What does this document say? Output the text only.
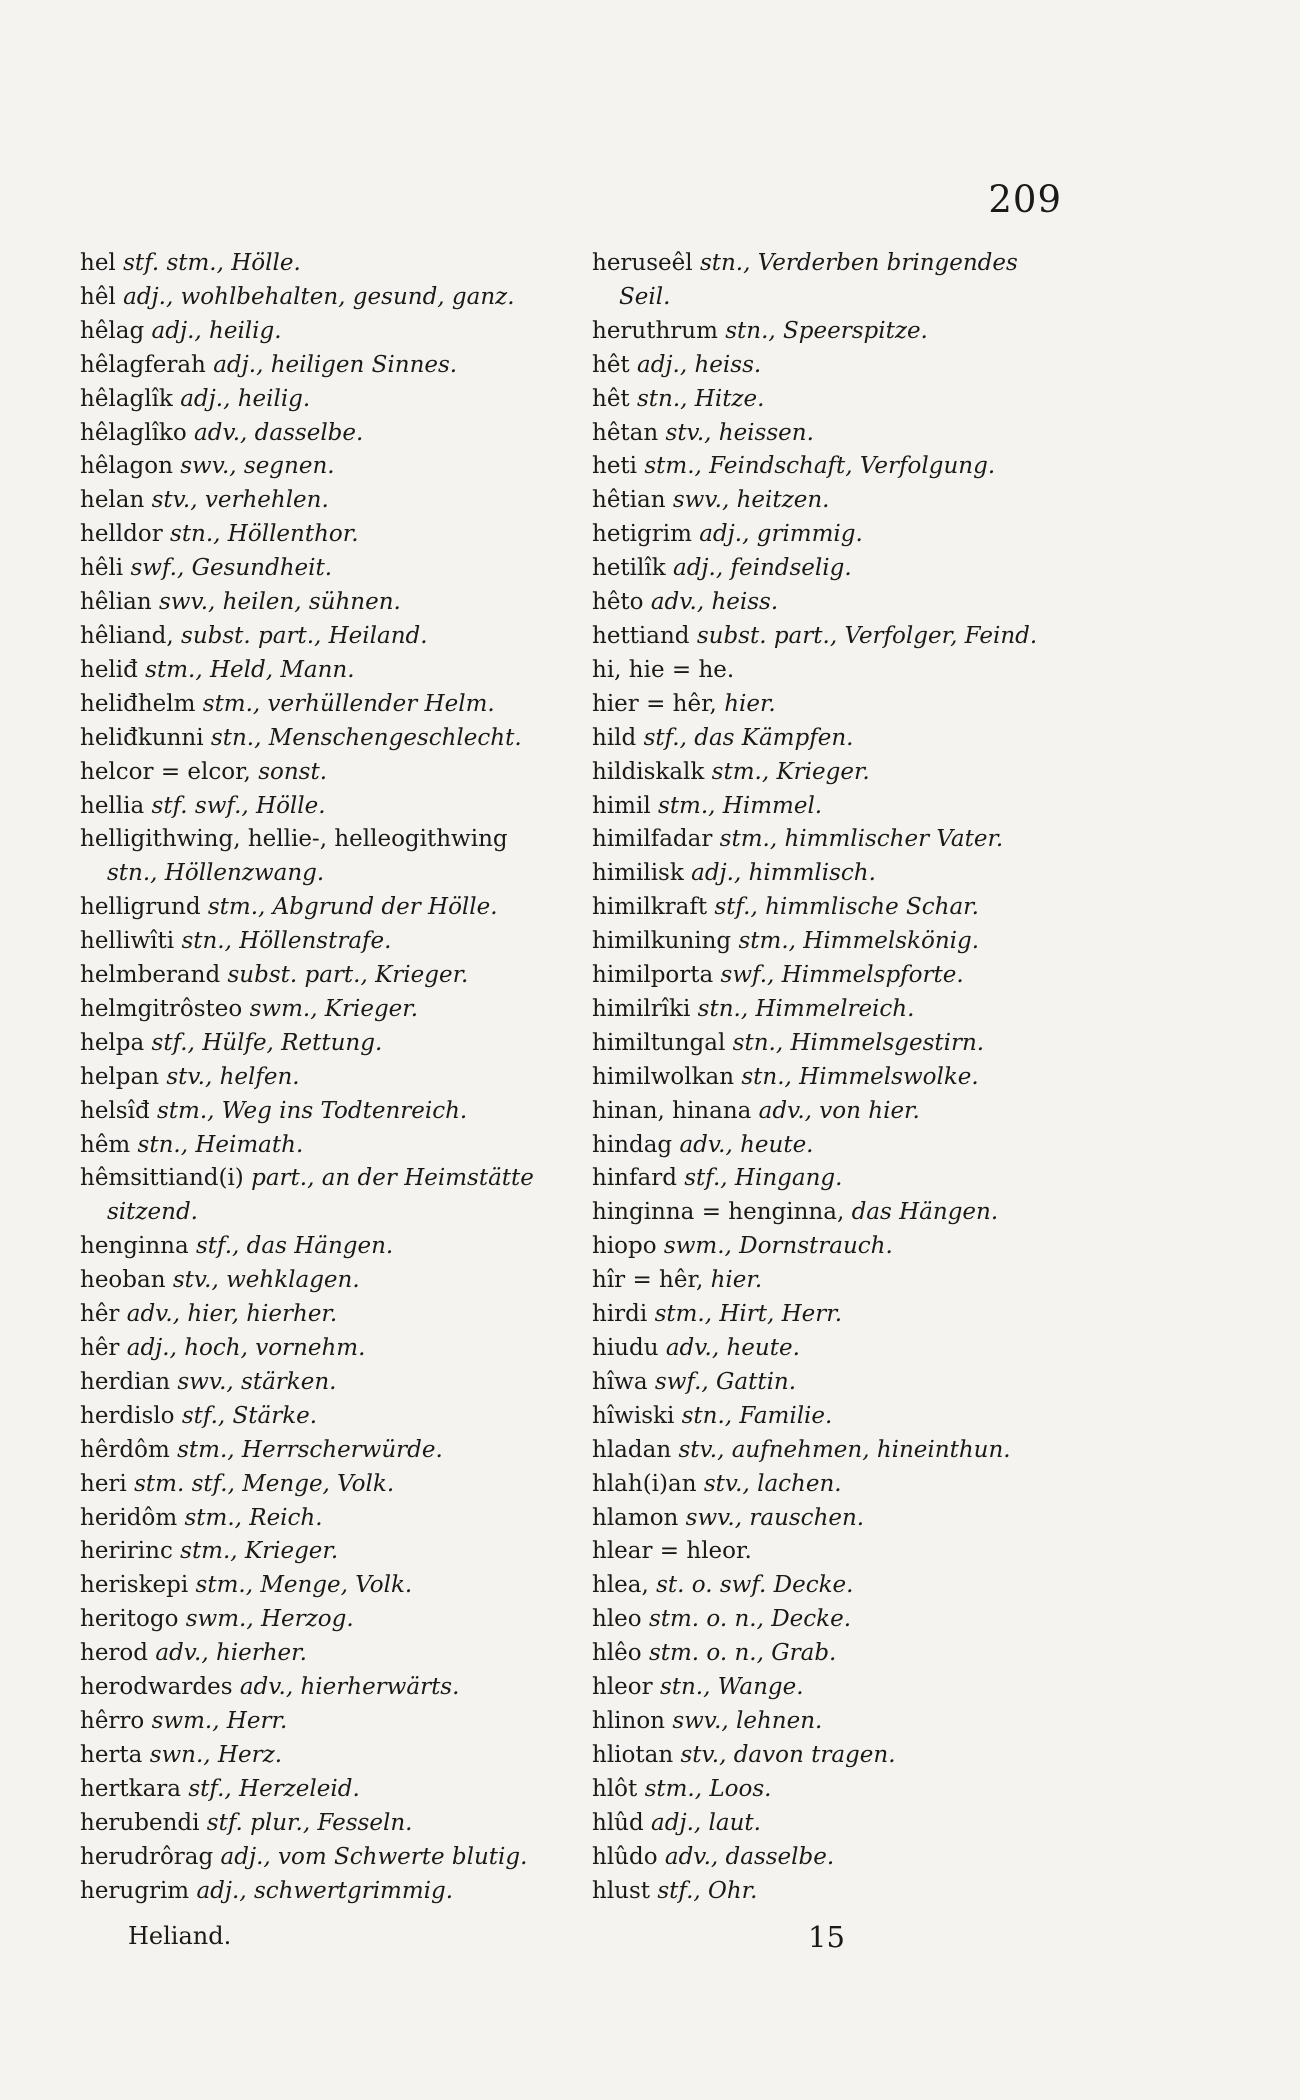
209
hel stf. stm., Hölle.
hêl adj., wohlbehalten, gesund, ganz.
hêlag adj., heilig.
hêlagferah adj., heiligen Sinnes.
hêlaglîk adj., heilig.
hêlaglîko adv., dasselbe.
hêlagon swv., segnen.
helan stv., verhehlen.
helldor stn., Höllenthor.
hêli swf., Gesundheit.
hêlian swv., heilen, sühnen.
hêliand, subst. part., Heiland.
heliđ stm., Held, Mann.
heliđhelm stm., verhüllender Helm.
heliđkunni stn., Menschengeschlecht.
helcor = elcor, sonst.
hellia stf. swf., Hölle.
helligithwing, hellie-, helleogithwing stn., Höllenzwang.
helligrund stm., Abgrund der Hölle.
helliwîti stn., Höllenstrafe.
helmberand subst. part., Krieger.
helmgitrôsteo swm., Krieger.
helpa stf., Hülfe, Rettung.
helpan stv., helfen.
helsîđ stm., Weg ins Todtenreich.
hêm stn., Heimath.
hêmsittiand(i) part., an der Heimstätte sitzend.
henginna stf., das Hängen.
heoban stv., wehklagen.
hêr adv., hier, hierher.
hêr adj., hoch, vornehm.
herdian swv., stärken.
herdislo stf., Stärke.
hêrdôm stm., Herrscherwürde.
heri stm. stf., Menge, Volk.
heridôm stm., Reich.
heririnc stm., Krieger.
heriskepi stm., Menge, Volk.
heritogo swm., Herzog.
herod adv., hierher.
herodwardes adv., hierherwärts.
hêrro swm., Herr.
herta swn., Herz.
hertkara stf., Herzeleid.
herubendi stf. plur., Fesseln.
herudrôrag adj., vom Schwerte blutig.
herugrim adj., schwertgrimmig.
heruseêl stn., Verderben bringendes Seil.
heruthrum stn., Speerspitze.
hêt adj., heiss.
hêt stn., Hitze.
hêtan stv., heissen.
heti stm., Feindschaft, Verfolgung.
hêtian swv., heitzen.
hetigrim adj., grimmig.
hetilîk adj., feindselig.
hêto adv., heiss.
hettiand subst. part., Verfolger, Feind.
hi, hie = he.
hier = hêr, hier.
hild stf., das Kämpfen.
hildiskalk stm., Krieger.
himil stm., Himmel.
himilfadar stm., himmlischer Vater.
himilisk adj., himmlisch.
himilkraft stf., himmlische Schar.
himilkuning stm., Himmelskönig.
himilporta swf., Himmelspforte.
himilrîki stn., Himmelreich.
himiltungal stn., Himmelsgestirn.
himilwolkan stn., Himmelswolke.
hinan, hinana adv., von hier.
hindag adv., heute.
hinfard stf., Hingang.
hinginna = henginna, das Hängen.
hiopo swm., Dornstrauch.
hîr = hêr, hier.
hirdi stm., Hirt, Herr.
hiudu adv., heute.
hîwa swf., Gattin.
hîwiski stn., Familie.
hladan stv., aufnehmen, hineinthun.
hlah(i)an stv., lachen.
hlamon swv., rauschen.
hlear = hleor.
hlea, st. o. swf. Decke.
hleo stm. o. n., Decke.
hlêo stm. o. n., Grab.
hleor stn., Wange.
hlinon swv., lehnen.
hliotan stv., davon tragen.
hlôt stm., Loos.
hlûd adj., laut.
hlûdo adv., dasselbe.
hlust stf., Ohr.
Heliand.	15
